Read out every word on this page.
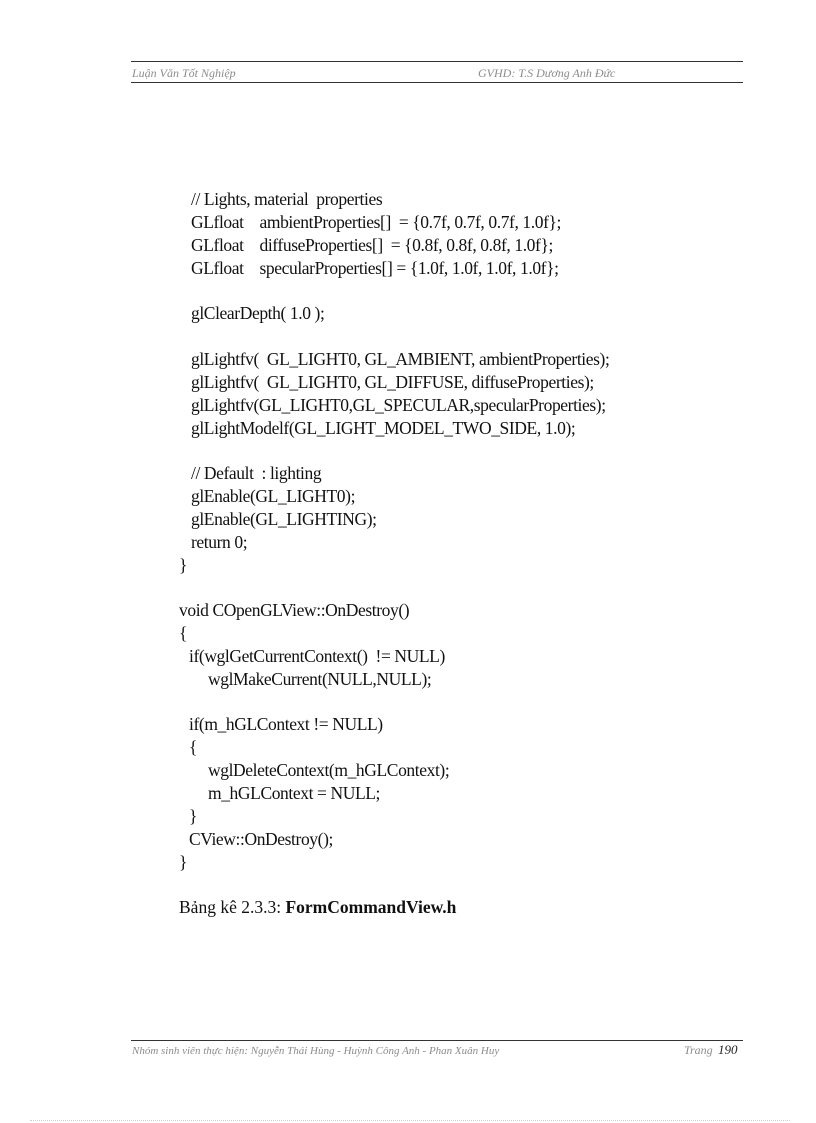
Luận Văn Tốt Nghiệp	GVHD: T.S Dương Anh Đức
// Lights, material  properties
GLfloat    ambientProperties[]  = {0.7f, 0.7f, 0.7f, 1.0f};
GLfloat    diffuseProperties[]  = {0.8f, 0.8f, 0.8f, 1.0f};
GLfloat    specularProperties[] = {1.0f, 1.0f, 1.0f, 1.0f};
glClearDepth( 1.0 );
glLightfv(  GL_LIGHT0, GL_AMBIENT, ambientProperties);
glLightfv(  GL_LIGHT0, GL_DIFFUSE, diffuseProperties);
glLightfv(GL_LIGHT0,GL_SPECULAR,specularProperties);
glLightModelf(GL_LIGHT_MODEL_TWO_SIDE, 1.0);
// Default  : lighting
glEnable(GL_LIGHT0);
glEnable(GL_LIGHTING);
return 0;
}
void COpenGLView::OnDestroy()
{
if(wglGetCurrentContext()  != NULL)
wglMakeCurrent(NULL,NULL);
if(m_hGLContext != NULL)
{
wglDeleteContext(m_hGLContext);
m_hGLContext = NULL;
}
CView::OnDestroy();
}
Bảng kê 2.3.3: FormCommandView.h
Nhóm sinh viên thực hiện: Nguyễn Thái Hùng - Huỳnh Công Anh - Phan Xuân Huy	Trang 190
